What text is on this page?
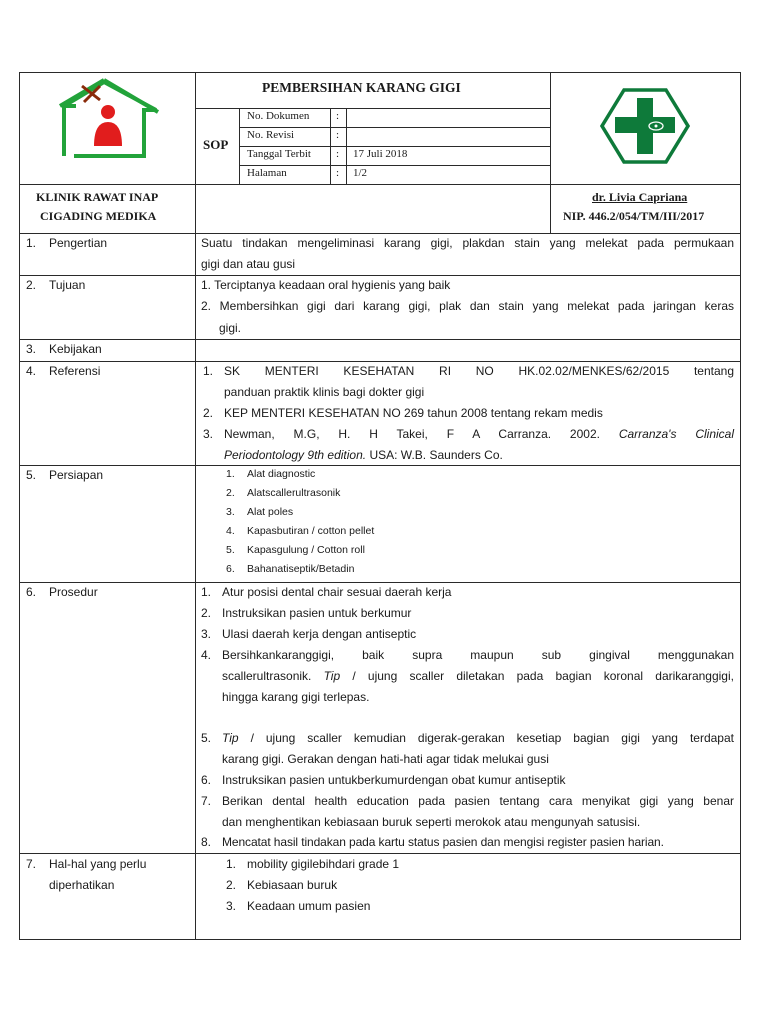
PEMBERSIHAN KARANG GIGI
SOP
No. Dokumen :
No. Revisi	:
Tanggal Terbit : 17 Juli 2018
Halaman	: 1/2
KLINIK RAWAT INAP
CIGADING MEDIKA
dr. Livia Capriana
NIP. 446.2/054/TM/III/2017
1. Pengertian	Suatu tindakan mengeliminasi karang gigi, plakdan stain yang melekat pada permukaan
gigi dan atau gusi
2. Tujuan	1. Terciptanya keadaan oral hygienis yang baik
2. Membersihkan gigi dari karang gigi, plak dan stain yang melekat pada jaringan keras
gigi.
3. Kebijakan
4. Referensi	1. SK MENTERI KESEHATAN RI NO HK.02.02/MENKES/62/2015 tentang
panduan praktik klinis bagi dokter gigi
2. KEP MENTERI KESEHATAN NO 269 tahun 2008 tentang rekam medis
3. Newman, M.G, H. H Takei, F A Carranza. 2002. Carranza's Clinical
Periodontology 9th edition. USA: W.B. Saunders Co.
5. Persiapan	1. Alat diagnostic
2. Alatscallerultrasonik
3. Alat poles
4. Kapasbutiran / cotton pellet
5. Kapasgulung / Cotton roll
6. Bahanatiseptik/Betadin
6. Prosedur	1. Atur posisi dental chair sesuai daerah kerja
2. Instruksikan pasien untuk berkumur
3. Ulasi daerah kerja dengan antiseptic
4. Bersihkankaranggigi, baik supra maupun sub gingival menggunakan
scallerultrasonik. Tip / ujung scaller diletakan pada bagian koronal darikaranggigi,
hingga karang gigi terlepas.
5. Tip / ujung scaller kemudian digerak-gerakan kesetiap bagian gigi yang terdapat
karang gigi. Gerakan dengan hati-hati agar tidak melukai gusi
6. Instruksikan pasien untukberkumurdengan obat kumur antiseptik
7. Berikan dental health education pada pasien tentang cara menyikat gigi yang benar
dan menghentikan kebiasaan buruk seperti merokok atau mengunyah satusisi.
8. Mencatat hasil tindakan pada kartu status pasien dan mengisi register pasien harian.
7. Hal-hal yang perlu
diperhatikan
1. mobility gigilebihdari grade 1
2. Kebiasaan buruk
3. Keadaan umum pasien
